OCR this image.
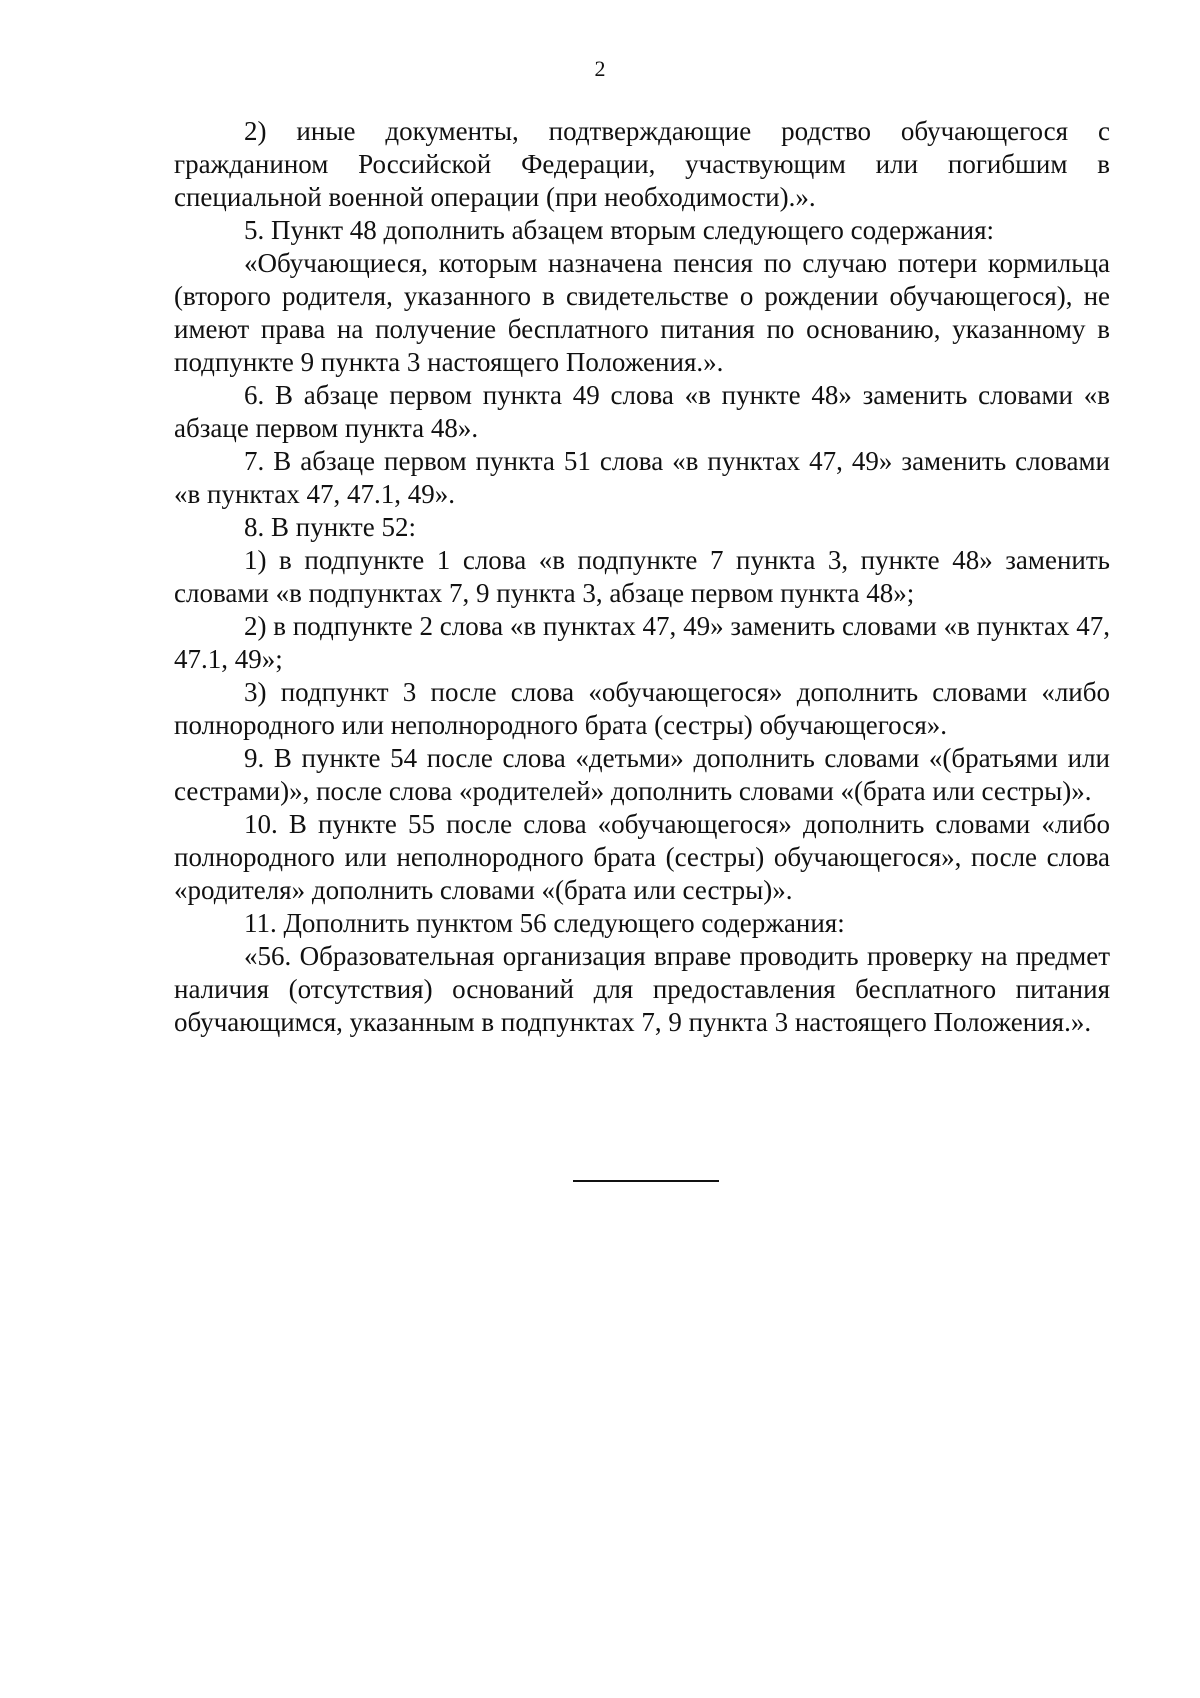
2

2) иные документы, подтверждающие родство обучающегося с гражданином Российской Федерации, участвующим или погибшим в специальной военной операции (при необходимости).».

5. Пункт 48 дополнить абзацем вторым следующего содержания:

«Обучающиеся, которым назначена пенсия по случаю потери кормильца (второго родителя, указанного в свидетельстве о рождении обучающегося), не имеют права на получение бесплатного питания по основанию, указанному в подпункте 9 пункта 3 настоящего Положения.».

6. В абзаце первом пункта 49 слова «в пункте 48» заменить словами «в абзаце первом пункта 48».

7. В абзаце первом пункта 51 слова «в пунктах 47, 49» заменить словами «в пунктах 47, 47.1, 49».

8. В пункте 52:

1) в подпункте 1 слова «в подпункте 7 пункта 3, пункте 48» заменить словами «в подпунктах 7, 9 пункта 3, абзаце первом пункта 48»;

2) в подпункте 2 слова «в пунктах 47, 49» заменить словами «в пунктах 47, 47.1, 49»;

3) подпункт 3 после слова «обучающегося» дополнить словами «либо полнородного или неполнородного брата (сестры) обучающегося».

9. В пункте 54 после слова «детьми» дополнить словами «(братьями или сестрами)», после слова «родителей» дополнить словами «(брата или сестры)».

10. В пункте 55 после слова «обучающегося» дополнить словами «либо полнородного или неполнородного брата (сестры) обучающегося», после слова «родителя» дополнить словами «(брата или сестры)».

11. Дополнить пунктом 56 следующего содержания:

«56. Образовательная организация вправе проводить проверку на предмет наличия (отсутствия) оснований для предоставления бесплатного питания обучающимся, указанным в подпунктах 7, 9 пункта 3 настоящего Положения.».
